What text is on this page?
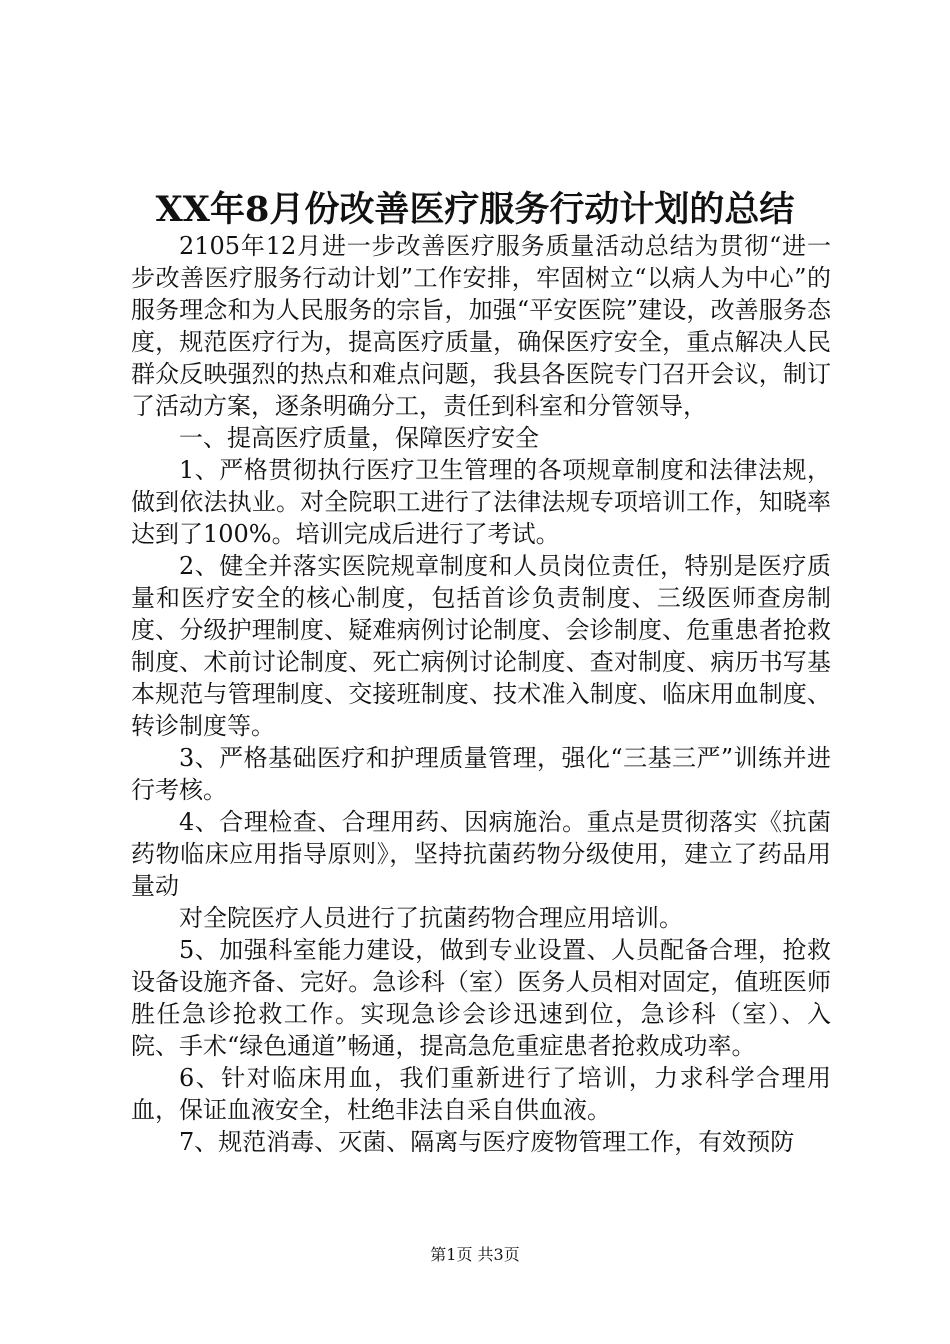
XX年8月份改善医疗服务行动计划的总结

2105年12月进一步改善医疗服务质量活动总结为贯彻“进一步改善医疗服务行动计划”工作安排，牢固树立“以病人为中心”的服务理念和为人民服务的宗旨，加强“平安医院”建设，改善服务态度，规范医疗行为，提高医疗质量，确保医疗安全，重点解决人民群众反映强烈的热点和难点问题，我县各医院专门召开会议，制订了活动方案，逐条明确分工，责任到科室和分管领导，

一、提高医疗质量，保障医疗安全

1、严格贯彻执行医疗卫生管理的各项规章制度和法律法规，做到依法执业。对全院职工进行了法律法规专项培训工作，知晓率达到了100%。培训完成后进行了考试。

2、健全并落实医院规章制度和人员岗位责任，特别是医疗质量和医疗安全的核心制度，包括首诊负责制度、三级医师查房制度、分级护理制度、疑难病例讨论制度、会诊制度、危重患者抢救制度、术前讨论制度、死亡病例讨论制度、查对制度、病历书写基本规范与管理制度、交接班制度、技术准入制度、临床用血制度、转诊制度等。

3、严格基础医疗和护理质量管理，强化“三基三严”训练并进行考核。

4、合理检查、合理用药、因病施治。重点是贯彻落实《抗菌药物临床应用指导原则》，坚持抗菌药物分级使用，建立了药品用量动

对全院医疗人员进行了抗菌药物合理应用培训。

5、加强科室能力建设，做到专业设置、人员配备合理，抢救设备设施齐备、完好。急诊科（室）医务人员相对固定，值班医师胜任急诊抢救工作。实现急诊会诊迅速到位，急诊科（室）、入院、手术“绿色通道”畅通，提高急危重症患者抢救成功率。

6、针对临床用血，我们重新进行了培训，力求科学合理用血，保证血液安全，杜绝非法自采自供血液。

7、规范消毒、灭菌、隔离与医疗废物管理工作，有效预防

第1页 共3页
